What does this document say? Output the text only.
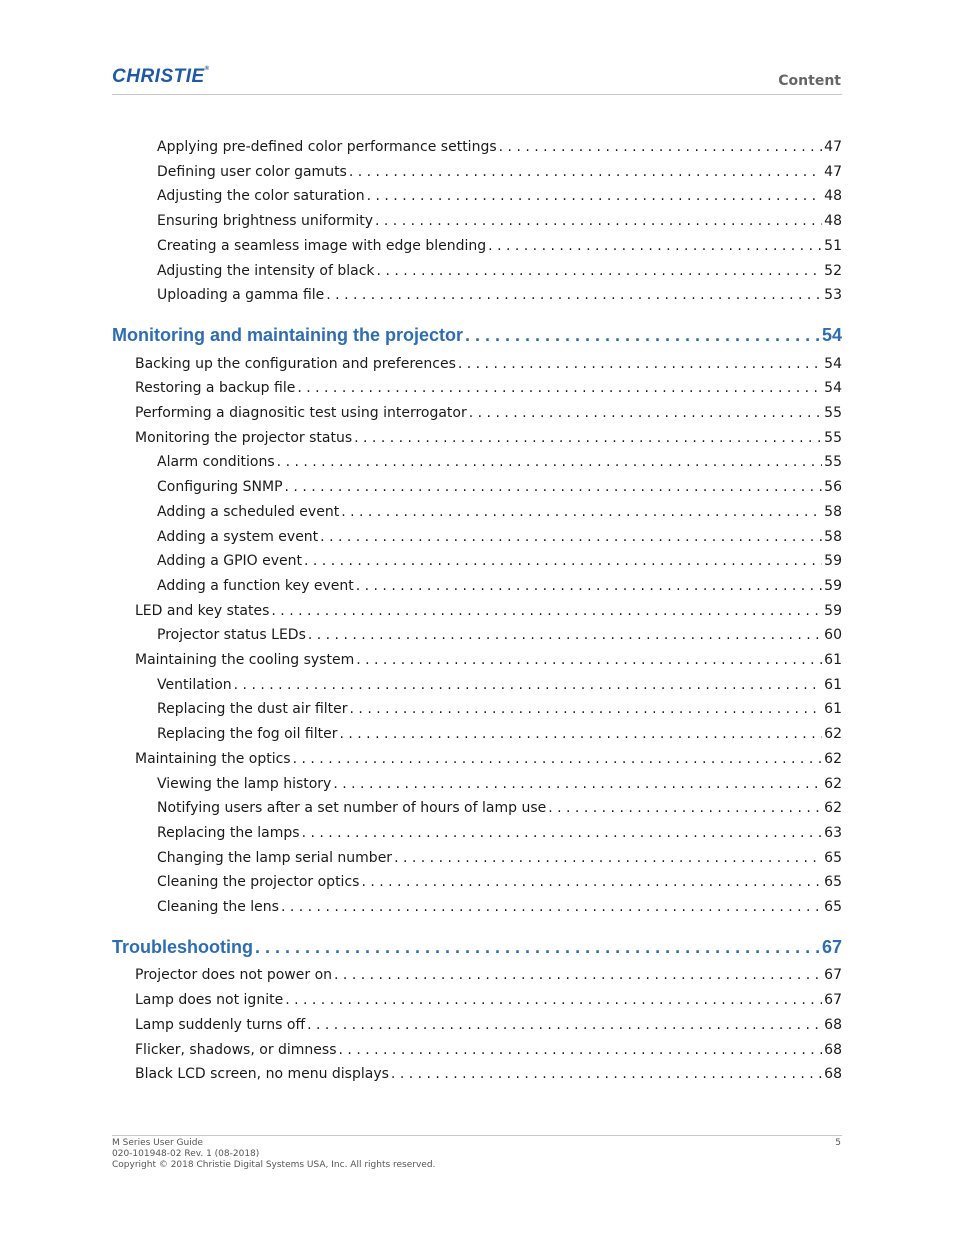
CHRISTIE®
Content
Applying pre-defined color performance settings . . .	47
Defining user color gamuts . . .	47
Adjusting the color saturation . . .	48
Ensuring brightness uniformity . . .	48
Creating a seamless image with edge blending . . .	51
Adjusting the intensity of black . . .	52
Uploading a gamma file . . .	53
Monitoring and maintaining the projector . . .	54
Backing up the configuration and preferences . . .	54
Restoring a backup file . . .	54
Performing a diagnositic test using interrogator . . .	55
Monitoring the projector status . . .	55
Alarm conditions . . .	55
Configuring SNMP . . .	56
Adding a scheduled event . . .	58
Adding a system event . . .	58
Adding a GPIO event . . .	59
Adding a function key event . . .	59
LED and key states . . .	59
Projector status LEDs . . .	60
Maintaining the cooling system . . .	61
Ventilation . . .	61
Replacing the dust air filter . . .	61
Replacing the fog oil filter . . .	62
Maintaining the optics . . .	62
Viewing the lamp history . . .	62
Notifying users after a set number of hours of lamp use . . .	62
Replacing the lamps . . .	63
Changing the lamp serial number . . .	65
Cleaning the projector optics . . .	65
Cleaning the lens . . .	65
Troubleshooting . . .	67
Projector does not power on . . .	67
Lamp does not ignite . . .	67
Lamp suddenly turns off . . .	68
Flicker, shadows, or dimness . . .	68
Black LCD screen, no menu displays . . .	68
M Series User Guide
020-101948-02 Rev. 1 (08-2018)
Copyright © 2018 Christie Digital Systems USA, Inc. All rights reserved.
5
